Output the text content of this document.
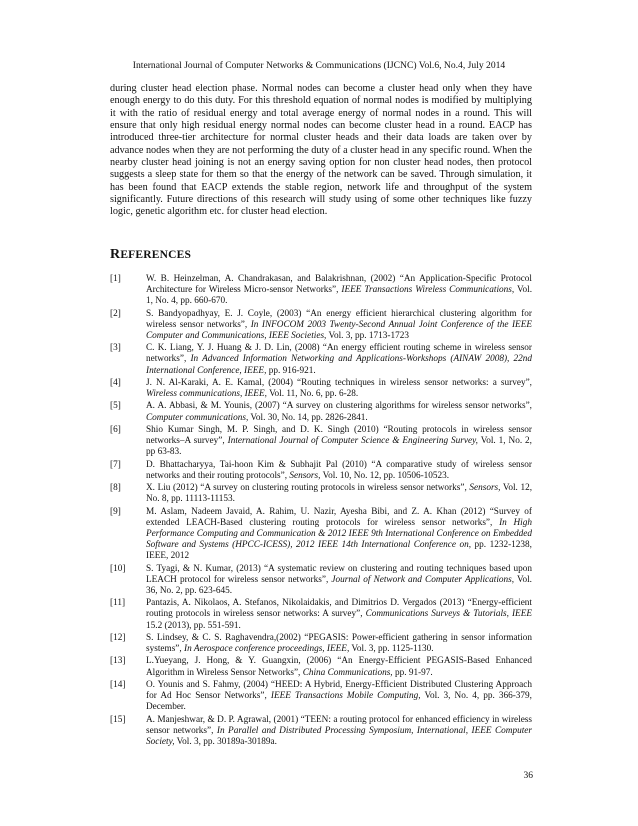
International Journal of Computer Networks & Communications (IJCNC) Vol.6, No.4, July 2014

during cluster head election phase. Normal nodes can become a cluster head only when they have enough energy to do this duty. For this threshold equation of normal nodes is modified by multiplying it with the ratio of residual energy and total average energy of normal nodes in a round. This will ensure that only high residual energy normal nodes can become cluster head in a round. EACP has introduced three-tier architecture for normal cluster heads and their data loads are taken over by advance nodes when they are not performing the duty of a cluster head in any specific round. When the nearby cluster head joining is not an energy saving option for non cluster head nodes, then protocol suggests a sleep state for them so that the energy of the network can be saved. Through simulation, it has been found that EACP extends the stable region, network life and throughput of the system significantly. Future directions of this research will study using of some other techniques like fuzzy logic, genetic algorithm etc. for cluster head election.

REFERENCES
[1]	W. B. Heinzelman, A. Chandrakasan, and Balakrishnan, (2002) “An Application-Specific Protocol Architecture for Wireless Micro-sensor Networks”, IEEE Transactions Wireless Communications, Vol. 1, No. 4, pp. 660-670.
[2]	S. Bandyopadhyay, E. J. Coyle, (2003) “An energy efficient hierarchical clustering algorithm for wireless sensor networks”, In INFOCOM 2003 Twenty-Second Annual Joint Conference of the IEEE Computer and Communications, IEEE Societies, Vol. 3, pp. 1713-1723
[3]	C. K. Liang, Y. J. Huang & J. D. Lin, (2008) “An energy efficient routing scheme in wireless sensor networks”, In Advanced Information Networking and Applications-Workshops (AINAW 2008), 22nd International Conference, IEEE, pp. 916-921.
[4]	J. N. Al-Karaki, A. E. Kamal, (2004) “Routing techniques in wireless sensor networks: a survey”, Wireless communications, IEEE, Vol. 11, No. 6, pp. 6-28.
[5]	A. A. Abbasi, & M. Younis, (2007) “A survey on clustering algorithms for wireless sensor networks”, Computer communications, Vol. 30, No. 14, pp. 2826-2841.
[6]	Shio Kumar Singh, M. P. Singh, and D. K. Singh (2010) “Routing protocols in wireless sensor networks–A survey”, International Journal of Computer Science & Engineering Survey, Vol. 1, No. 2, pp 63-83.
[7]	D. Bhattacharyya, Tai-hoon Kim & Subhajit Pal (2010) “A comparative study of wireless sensor networks and their routing protocols”, Sensors, Vol. 10, No. 12, pp. 10506-10523.
[8]	X. Liu (2012) “A survey on clustering routing protocols in wireless sensor networks”, Sensors, Vol. 12, No. 8, pp. 11113-11153.
[9]	M. Aslam, Nadeem Javaid, A. Rahim, U. Nazir, Ayesha Bibi, and Z. A. Khan (2012) “Survey of extended LEACH-Based clustering routing protocols for wireless sensor networks”, In High Performance Computing and Communication & 2012 IEEE 9th International Conference on Embedded Software and Systems (HPCC-ICESS), 2012 IEEE 14th International Conference on, pp. 1232-1238, IEEE, 2012
[10]	S. Tyagi, & N. Kumar, (2013) “A systematic review on clustering and routing techniques based upon LEACH protocol for wireless sensor networks”, Journal of Network and Computer Applications, Vol. 36, No. 2, pp. 623-645.
[11]	Pantazis, A. Nikolaos, A. Stefanos, Nikolaidakis, and Dimitrios D. Vergados (2013) “Energy-efficient routing protocols in wireless sensor networks: A survey”, Communications Surveys & Tutorials, IEEE 15.2 (2013), pp. 551-591.
[12]	S. Lindsey, & C. S. Raghavendra,(2002) “PEGASIS: Power-efficient gathering in sensor information systems”, In Aerospace conference proceedings, IEEE, Vol. 3, pp. 1125-1130.
[13]	L.Yueyang, J. Hong, & Y. Guangxin, (2006) “An Energy-Efficient PEGASIS-Based Enhanced Algorithm in Wireless Sensor Networks”, China Communications, pp. 91-97.
[14]	O. Younis and S. Fahmy, (2004) “HEED: A Hybrid, Energy-Efficient Distributed Clustering Approach for Ad Hoc Sensor Networks”, IEEE Transactions Mobile Computing, Vol. 3, No. 4, pp. 366-379, December.
[15]	A. Manjeshwar, & D. P. Agrawal, (2001) “TEEN: a routing protocol for enhanced efficiency in wireless sensor networks”, In Parallel and Distributed Processing Symposium, International, IEEE Computer Society, Vol. 3, pp. 30189a-30189a.
36
